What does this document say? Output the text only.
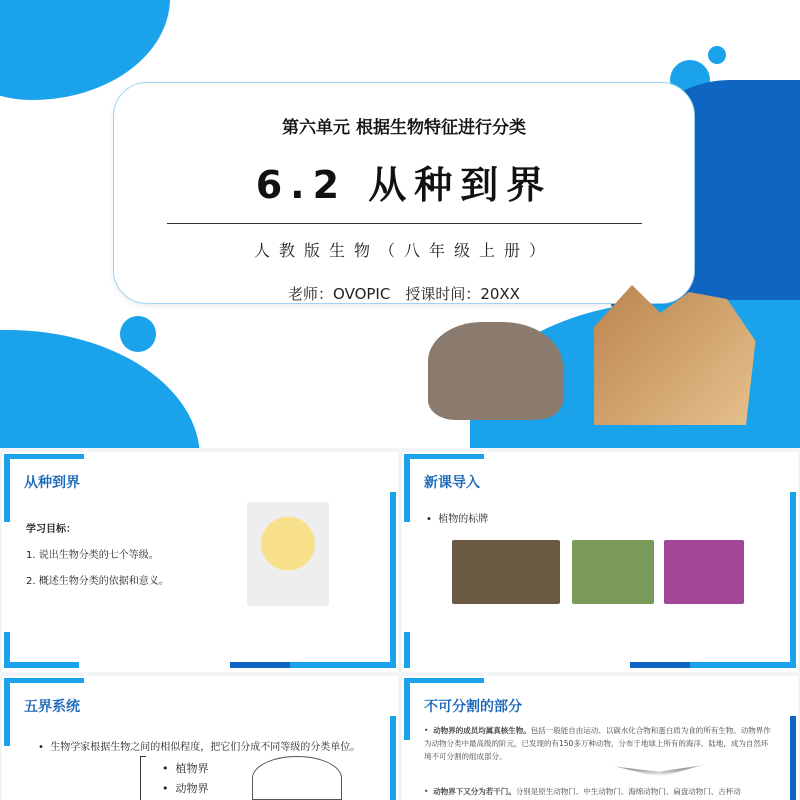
第六单元 根据生物特征进行分类
6.2 从种到界
人教版生物（八年级上册）
老师：OVOPIC　授课时间：20XX
从种到界
学习目标：
1. 说出生物分类的七个等级。
2. 概述生物分类的依据和意义。
新课导入
•  植物的标牌
五界系统
•  生物学家根据生物之间的相似程度，把它们分成不同等级的分类单位。
•  植物界
•  动物界
不可分割的部分
•  动物界的成员均属真核生物。包括一般能自由运动、以碳水化合物和蛋白质为食的所有生物。动物界作为动物分类中最高级的阶元，已发现的有150多万种动物，分布于地球上所有的海洋、陆地，成为自然环境不可分割的组成部分。
•  动物界下又分为若干门。分别是原生动物门、中生动物门、海绵动物门、扁盘动物门、古杯动
